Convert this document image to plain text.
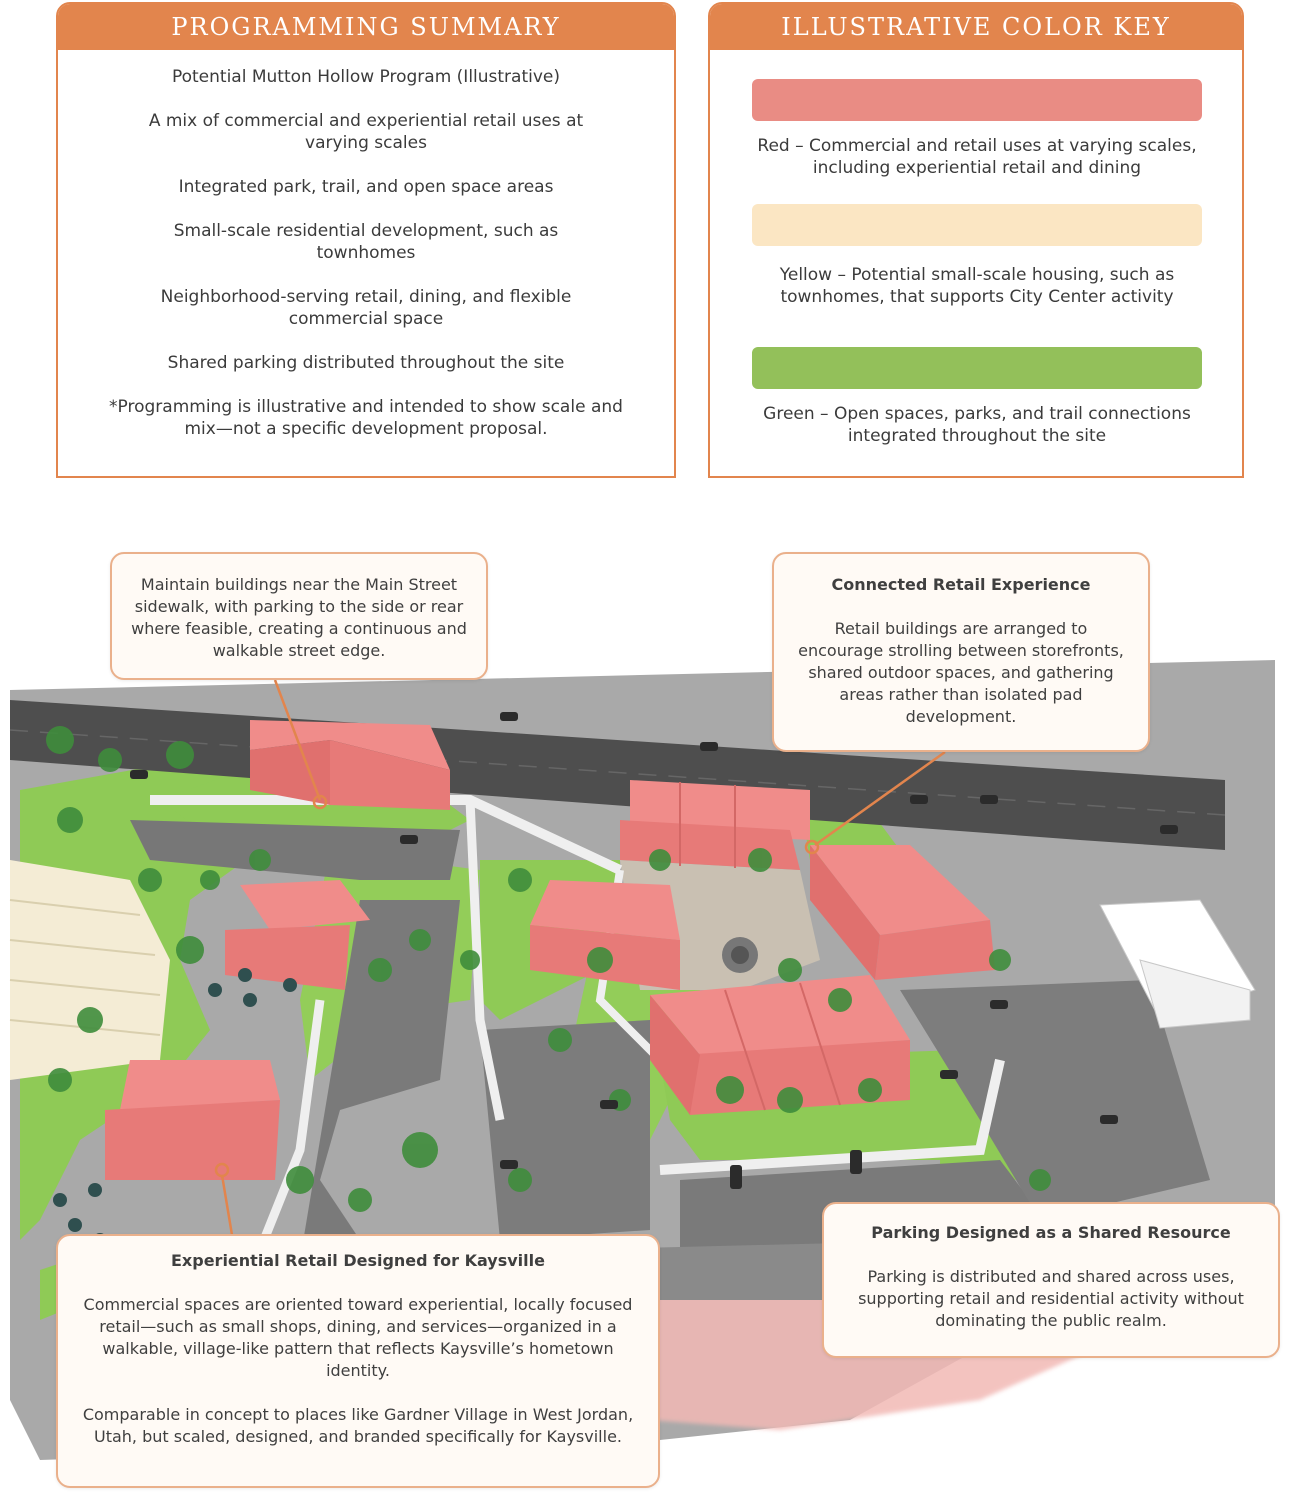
PROGRAMMING SUMMARY

Potential Mutton Hollow Program (Illustrative)

A mix of commercial and experiential retail uses at varying scales

Integrated park, trail, and open space areas

Small-scale residential development, such as townhomes

Neighborhood-serving retail, dining, and flexible commercial space

Shared parking distributed throughout the site

*Programming is illustrative and intended to show scale and mix—not a specific development proposal.

ILLUSTRATIVE COLOR KEY
Red – Commercial and retail uses at varying scales, including experiential retail and dining
Yellow – Potential small-scale housing, such as townhomes, that supports City Center activity
Green – Open spaces, parks, and trail connections integrated throughout the site

Maintain buildings near the Main Street sidewalk, with parking to the side or rear where feasible, creating a continuous and walkable street edge.

Connected Retail Experience

Retail buildings are arranged to encourage strolling between storefronts, shared outdoor spaces, and gathering areas rather than isolated pad development.

Experiential Retail Designed for Kaysville

Commercial spaces are oriented toward experiential, locally focused retail—such as small shops, dining, and services—organized in a walkable, village-like pattern that reflects Kaysville’s hometown identity.

Comparable in concept to places like Gardner Village in West Jordan, Utah, but scaled, designed, and branded specifically for Kaysville.

Parking Designed as a Shared Resource

Parking is distributed and shared across uses, supporting retail and residential activity without dominating the public realm.
